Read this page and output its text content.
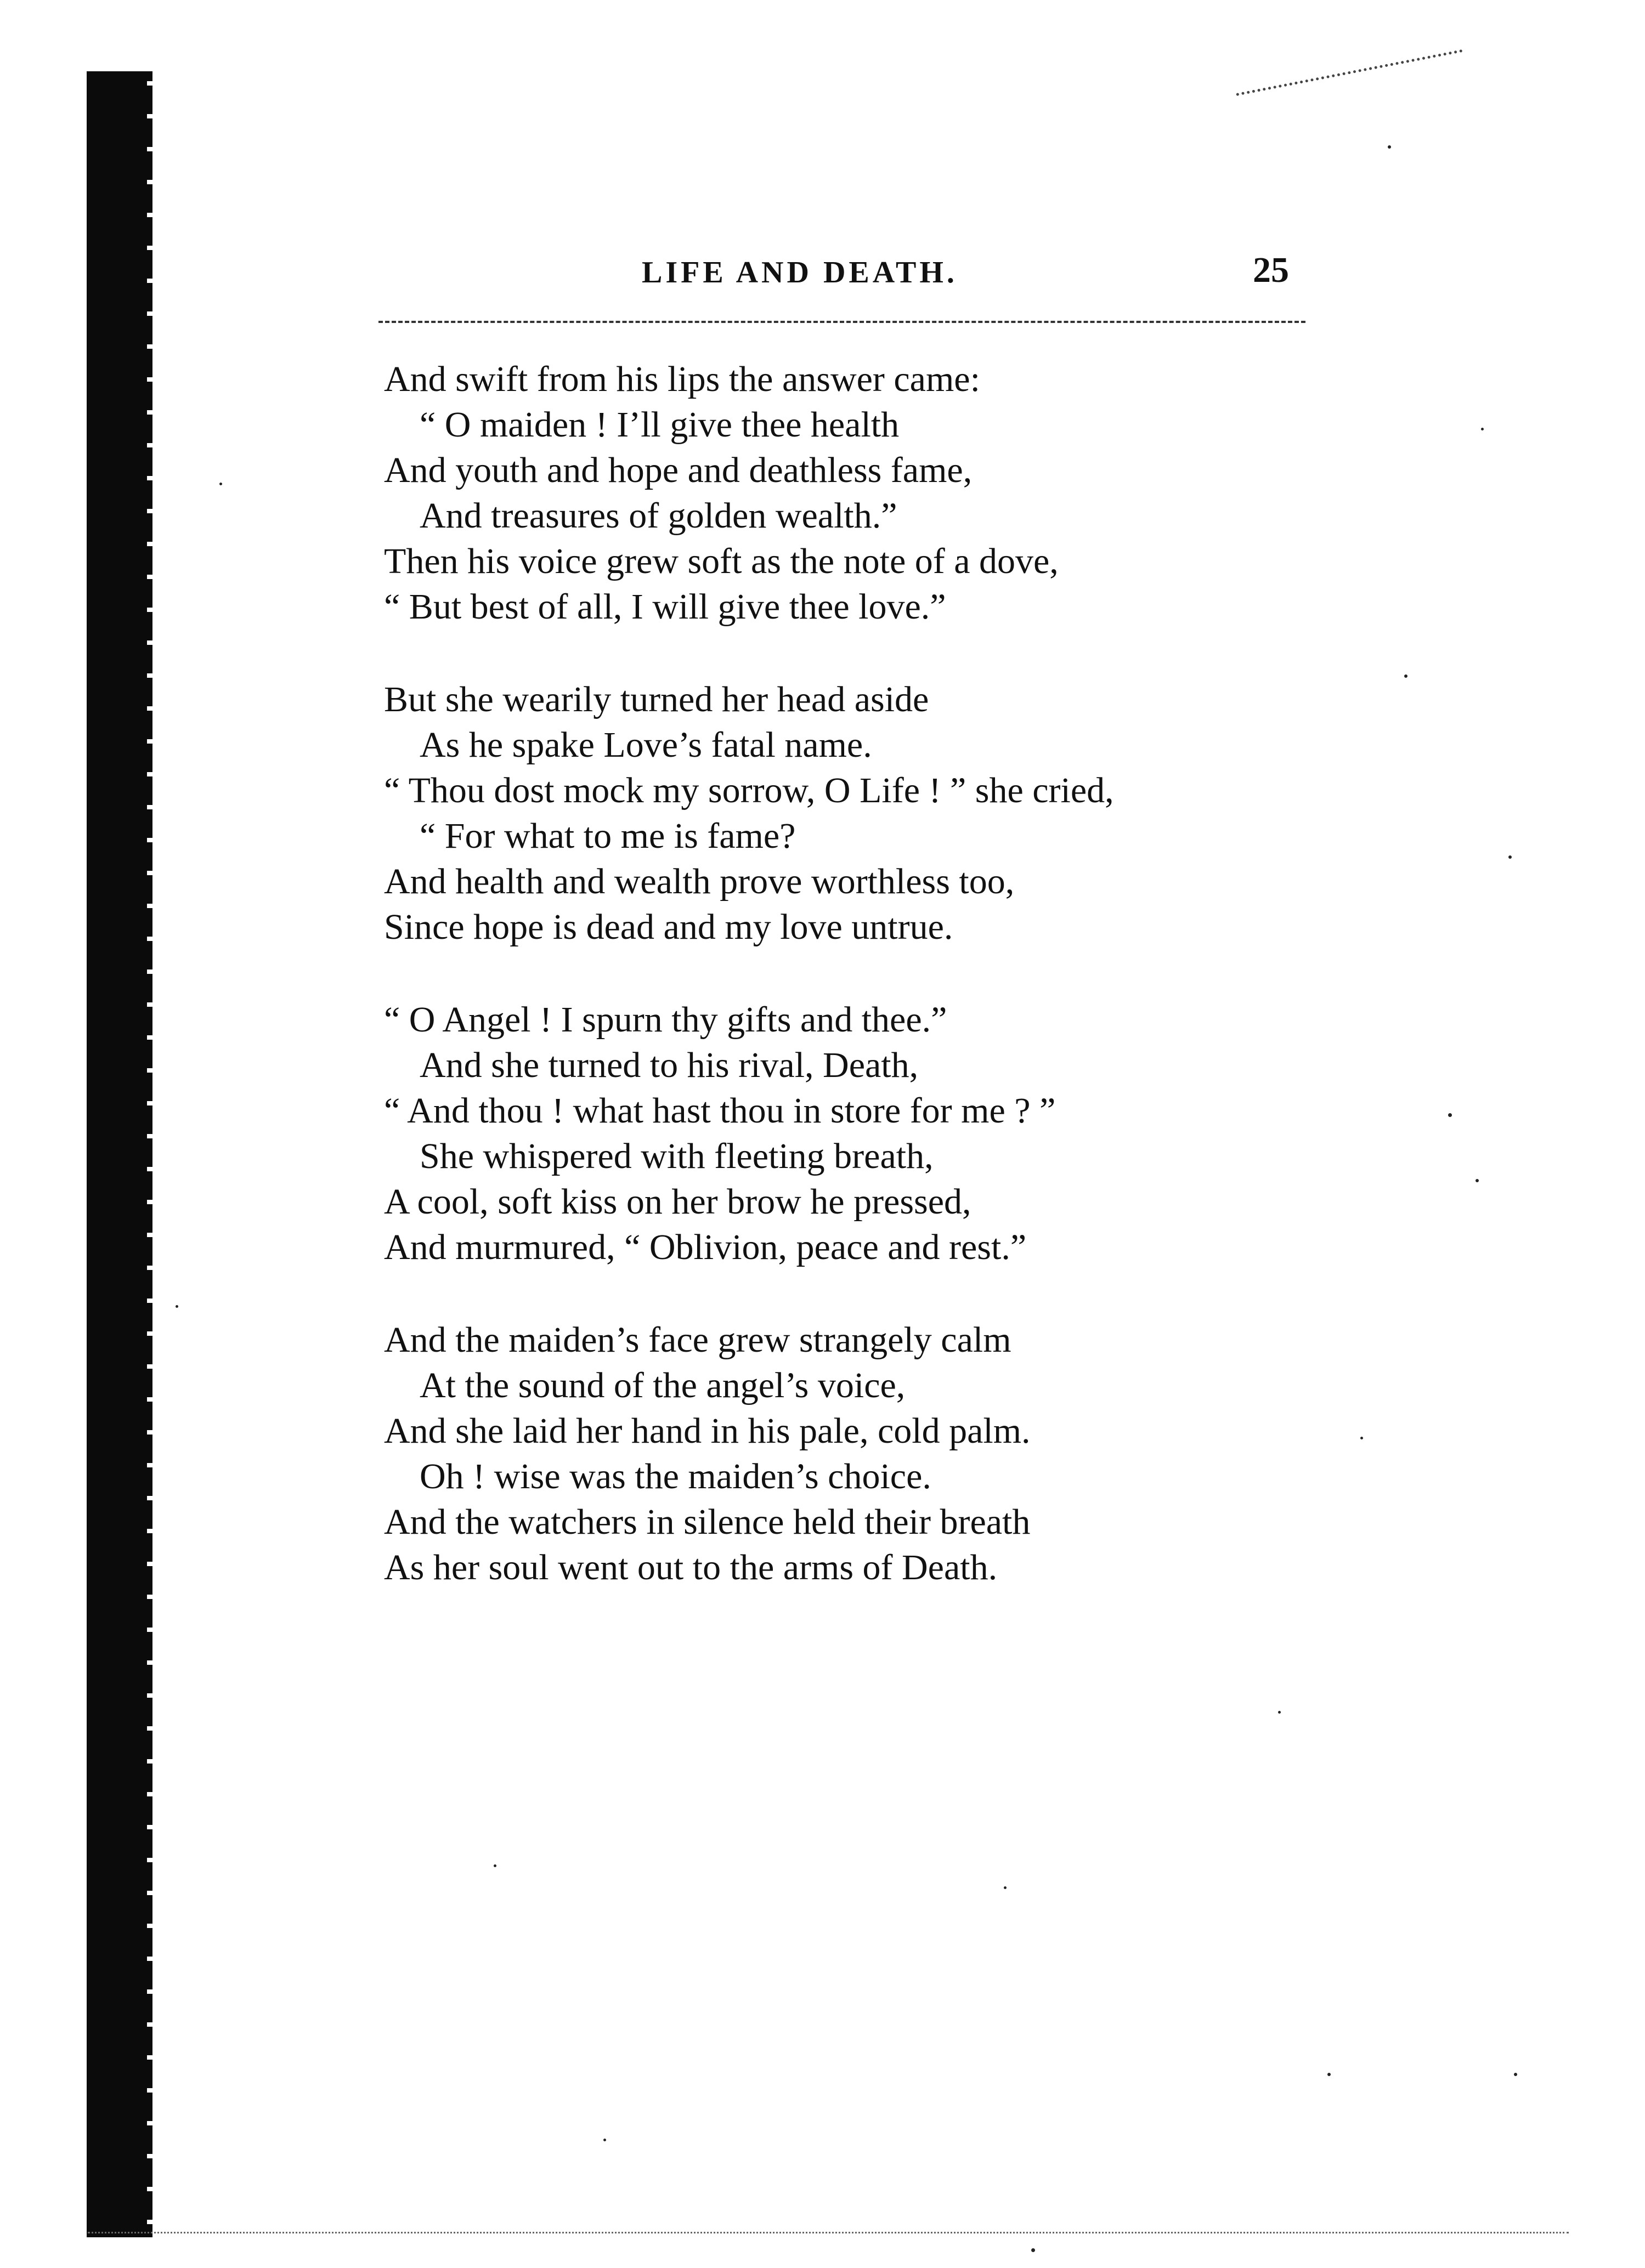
LIFE AND DEATH.	25
And swift from his lips the answer came:
“ O maiden ! I’ll give thee health
And youth and hope and deathless fame,
And treasures of golden wealth.”
Then his voice grew soft as the note of a dove,
“ But best of all, I will give thee love.”
But she wearily turned her head aside
As he spake Love’s fatal name.
“ Thou dost mock my sorrow, O Life ! ” she cried,
“ For what to me is fame?
And health and wealth prove worthless too,
Since hope is dead and my love untrue.
“ O Angel ! I spurn thy gifts and thee.”
And she turned to his rival, Death,
“ And thou ! what hast thou in store for me ? ”
She whispered with fleeting breath,
A cool, soft kiss on her brow he pressed,
And murmured, “ Oblivion, peace and rest.”
And the maiden’s face grew strangely calm
At the sound of the angel’s voice,
And she laid her hand in his pale, cold palm.
Oh ! wise was the maiden’s choice.
And the watchers in silence held their breath
As her soul went out to the arms of Death.
